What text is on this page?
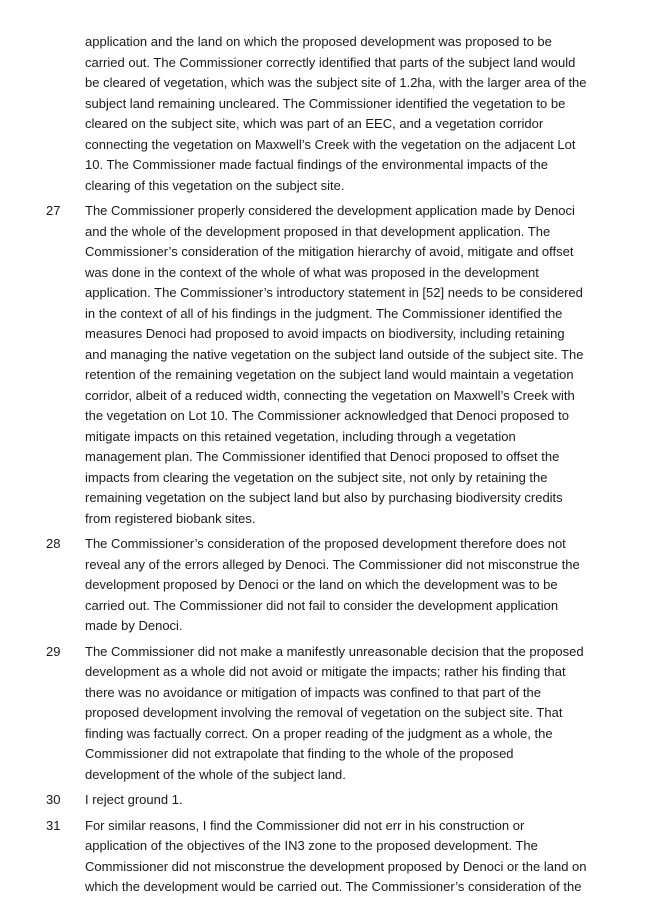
application and the land on which the proposed development was proposed to be
carried out. The Commissioner correctly identified that parts of the subject land would
be cleared of vegetation, which was the subject site of 1.2ha, with the larger area of the
subject land remaining uncleared. The Commissioner identified the vegetation to be
cleared on the subject site, which was part of an EEC, and a vegetation corridor
connecting the vegetation on Maxwell’s Creek with the vegetation on the adjacent Lot
10. The Commissioner made factual findings of the environmental impacts of the
clearing of this vegetation on the subject site.
27	The Commissioner properly considered the development application made by Denoci
and the whole of the development proposed in that development application. The
Commissioner’s consideration of the mitigation hierarchy of avoid, mitigate and offset
was done in the context of the whole of what was proposed in the development
application. The Commissioner’s introductory statement in [52] needs to be considered
in the context of all of his findings in the judgment. The Commissioner identified the
measures Denoci had proposed to avoid impacts on biodiversity, including retaining
and managing the native vegetation on the subject land outside of the subject site. The
retention of the remaining vegetation on the subject land would maintain a vegetation
corridor, albeit of a reduced width, connecting the vegetation on Maxwell’s Creek with
the vegetation on Lot 10. The Commissioner acknowledged that Denoci proposed to
mitigate impacts on this retained vegetation, including through a vegetation
management plan. The Commissioner identified that Denoci proposed to offset the
impacts from clearing the vegetation on the subject site, not only by retaining the
remaining vegetation on the subject land but also by purchasing biodiversity credits
from registered biobank sites.
28	The Commissioner’s consideration of the proposed development therefore does not
reveal any of the errors alleged by Denoci. The Commissioner did not misconstrue the
development proposed by Denoci or the land on which the development was to be
carried out. The Commissioner did not fail to consider the development application
made by Denoci.
29	The Commissioner did not make a manifestly unreasonable decision that the proposed
development as a whole did not avoid or mitigate the impacts; rather his finding that
there was no avoidance or mitigation of impacts was confined to that part of the
proposed development involving the removal of vegetation on the subject site. That
finding was factually correct. On a proper reading of the judgment as a whole, the
Commissioner did not extrapolate that finding to the whole of the proposed
development of the whole of the subject land.
30	I reject ground 1.
31	For similar reasons, I find the Commissioner did not err in his construction or
application of the objectives of the IN3 zone to the proposed development. The
Commissioner did not misconstrue the development proposed by Denoci or the land on
which the development would be carried out. The Commissioner’s consideration of the
